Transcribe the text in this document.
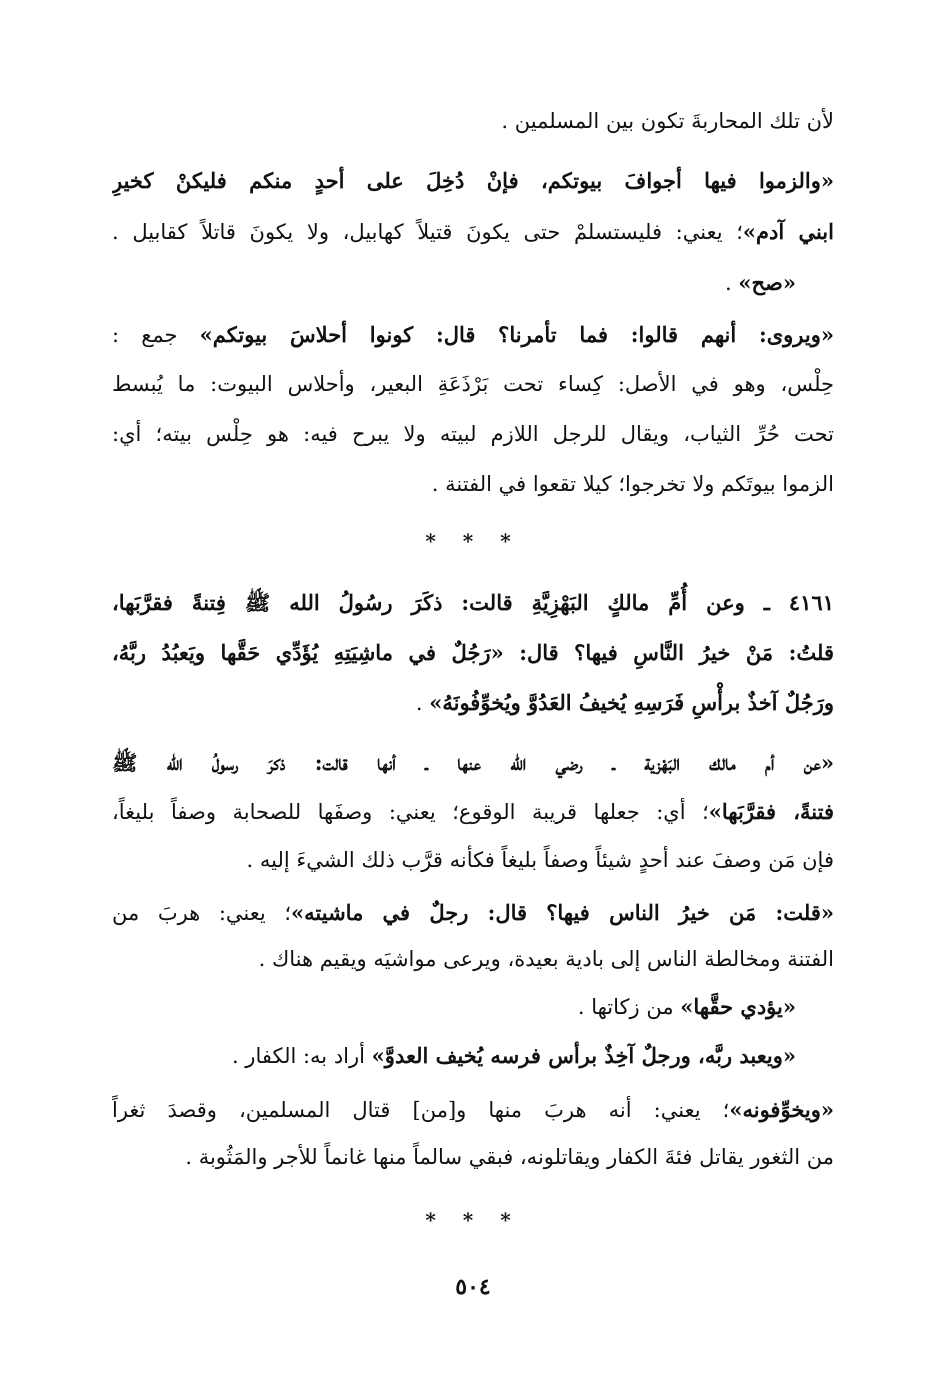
لأن تلك المحاربةَ تكون بين المسلمين .
«والزموا فيها أجوافَ بيوتكم، فإنْ دُخِلَ على أحدٍ منكم فليكنْ كخيرِ
ابني آدم»؛ يعني: فليستسلمْ حتى يكونَ قتيلاً كهابيل، ولا يكونَ قاتلاً كقابيل .
«صح» .
«ويروى: أنهم قالوا: فما تأمرنا؟ قال: كونوا أحلاسَ بيوتكم» جمع :
حِلْس، وهو في الأصل: كِساء تحت بَرْذَعَةِ البعير، وأحلاس البيوت: ما يُبسط
تحت حُرِّ الثياب، ويقال للرجل اللازم لبيته ولا يبرح فيه: هو حِلْس بيته؛ أي:
الزموا بيوتَكم ولا تخرجوا؛ كيلا تقعوا في الفتنة .
* * *
٤١٦١ ـ وعن أُمِّ مالكٍ البَهْزِيَّةِ قالت: ذكَرَ رسُولُ الله ﷺ فِتنةً فقرَّبَها،
قلتُ: مَنْ خيرُ النَّاسِ فيها؟ قال: «رَجُلٌ في ماشِيَتِهِ يُؤَدِّي حَقَّها ويَعبُدُ ربَّهُ،
ورَجُلٌ آخذٌ برأْسِ فَرَسِهِ يُخيفُ العَدُوَّ ويُخوِّفُونَهُ» .
«عن أم مالك البَهْزية ـ رضي الله عنها ـ أنها قالت: ذكرَ رسولُ الله ﷺ
فتنةً، فقرَّبَها»؛ أي: جعلها قريبة الوقوع؛ يعني: وصفَها للصحابة وصفاً بليغاً،
فإن مَن وصفَ عند أحدٍ شيئاً وصفاً بليغاً فكأنه قرَّب ذلك الشيءَ إليه .
«قلت: مَن خيرُ الناس فيها؟ قال: رجلٌ في ماشيته»؛ يعني: هربَ من
الفتنة ومخالطة الناس إلى بادية بعيدة، ويرعى مواشيَه ويقيم هناك .
«يؤدي حقَّها» من زكاتها .
«ويعبد ربَّه، ورجلٌ آخِذٌ برأس فرسه يُخيف العدوَّ» أراد به: الكفار .
«ويخوِّفونه»؛ يعني: أنه هربَ منها و[من] قتال المسلمين، وقصدَ ثغراً
من الثغور يقاتل فئةَ الكفار ويقاتلونه، فبقي سالماً منها غانماً للأجر والمَثُوبة .
* * *
٥٠٤
